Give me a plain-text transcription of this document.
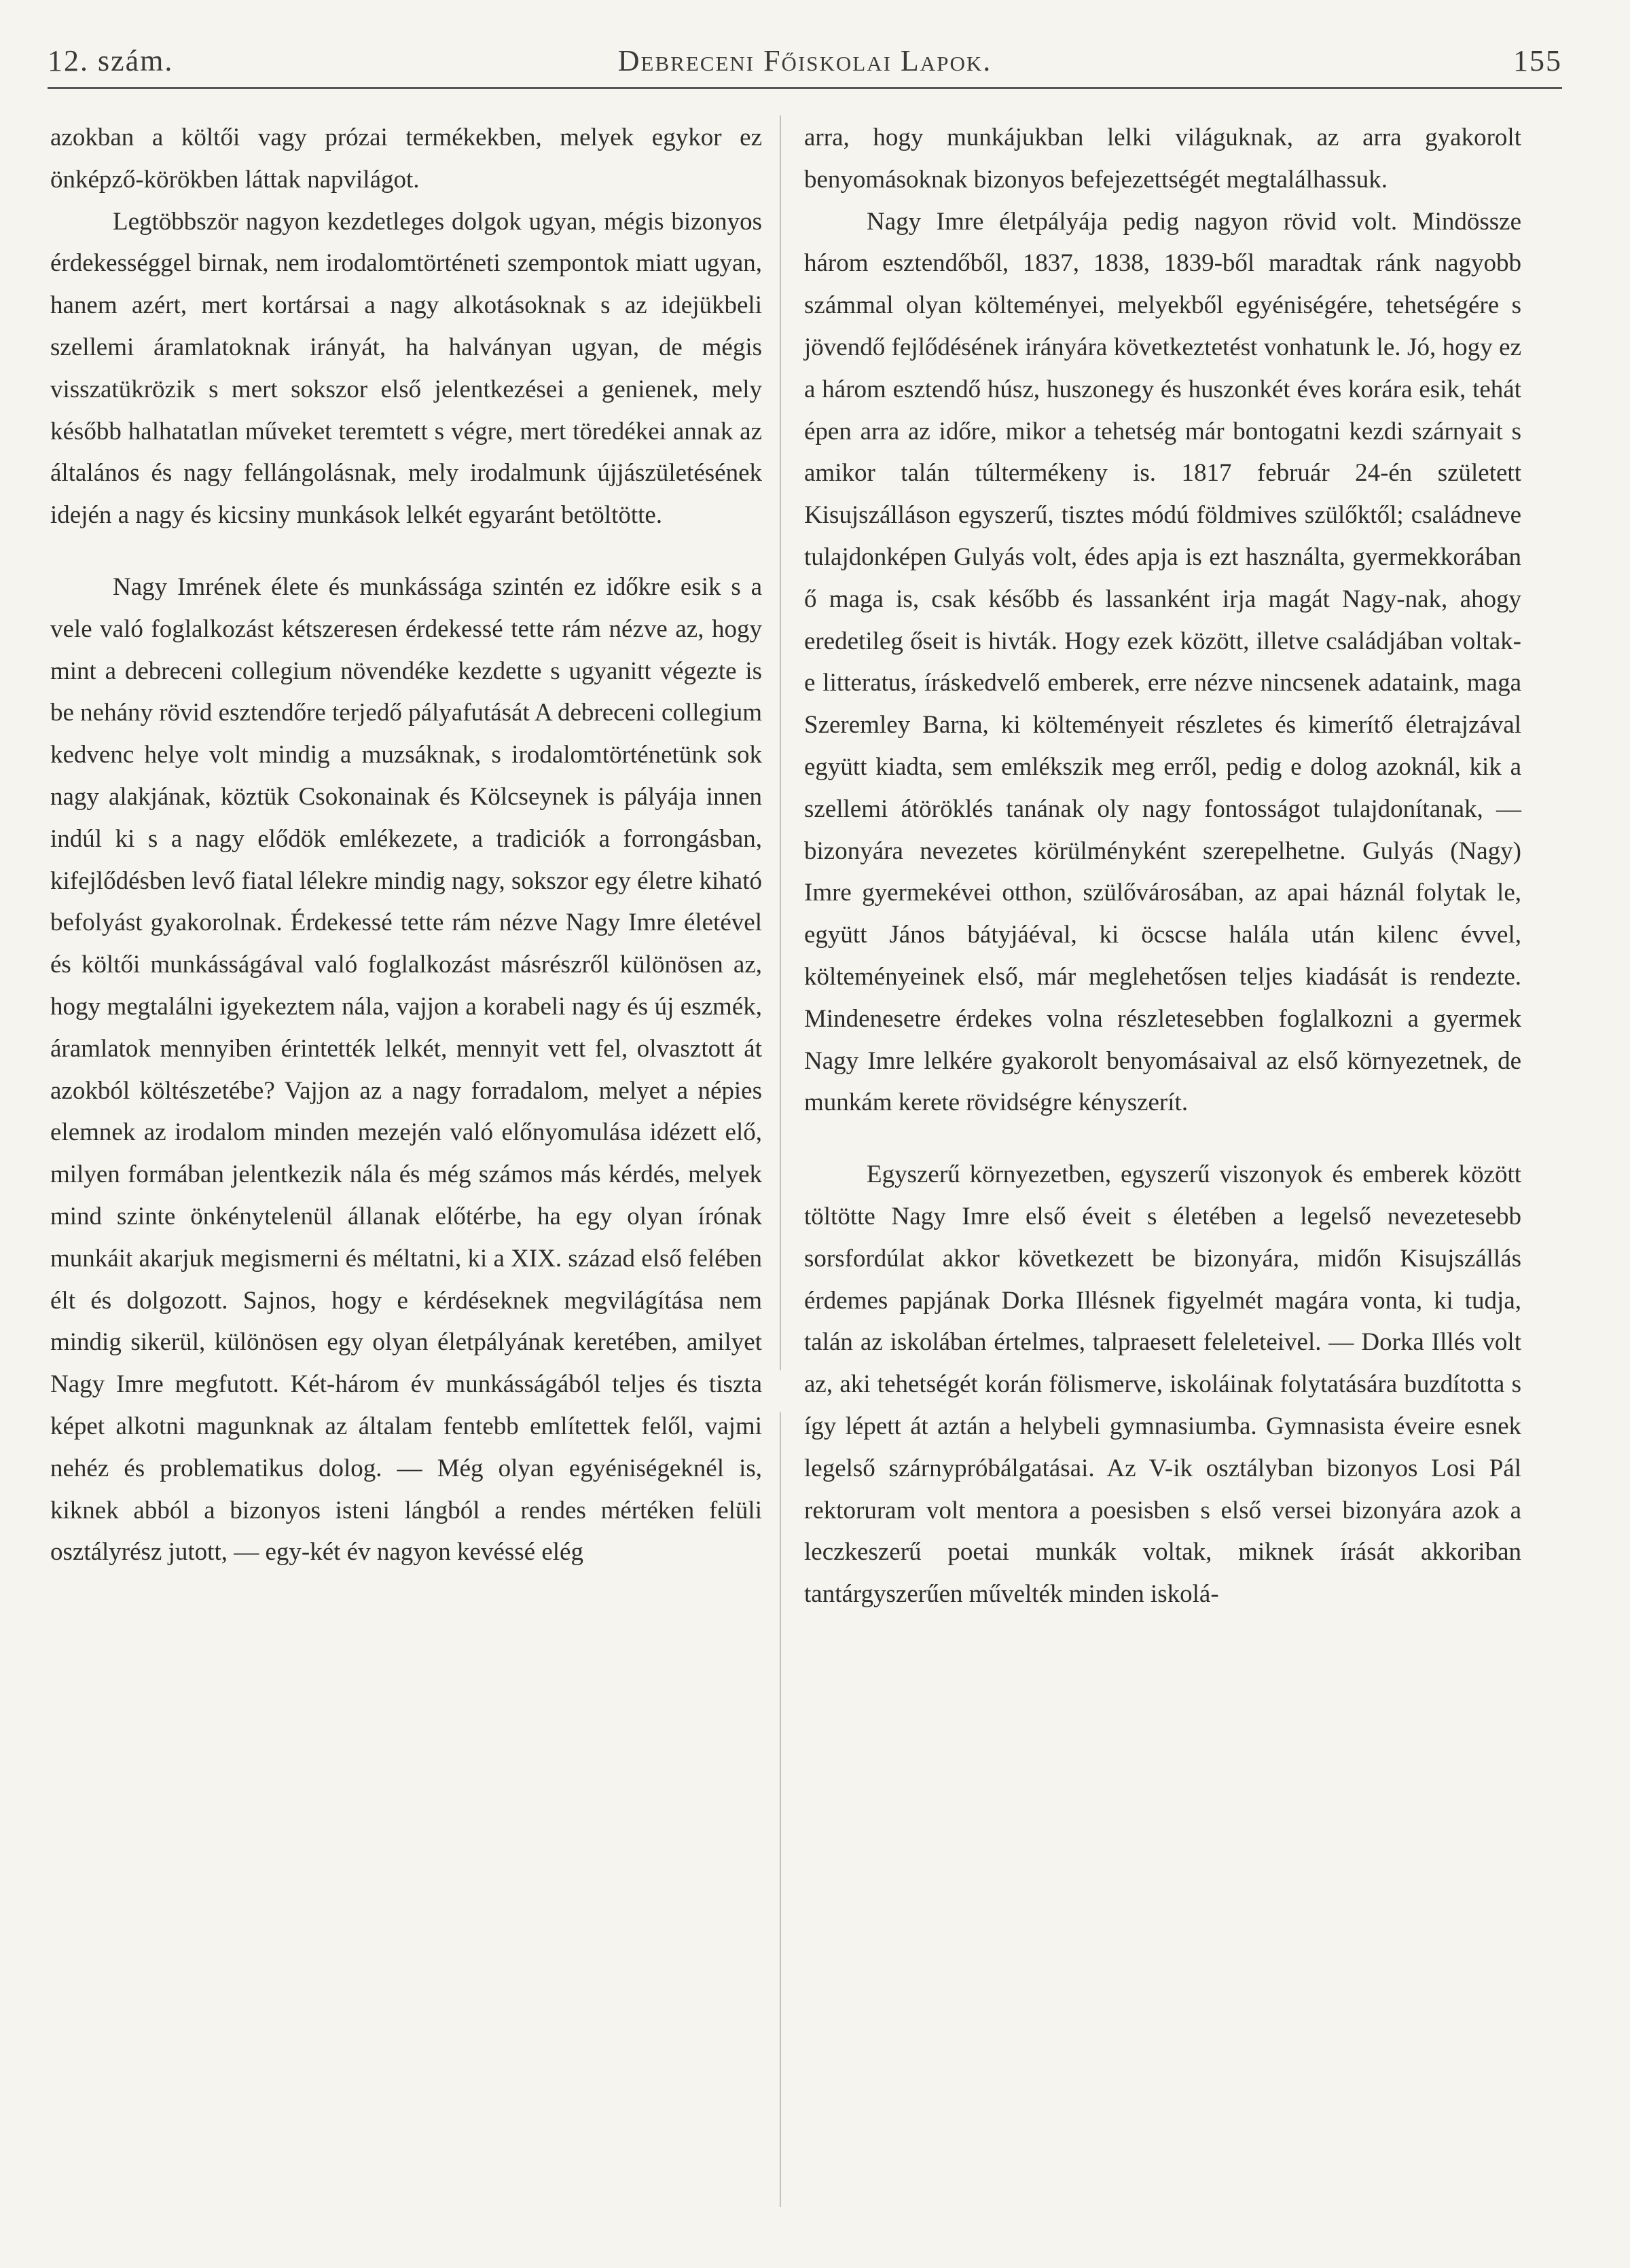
12. szám.	Debreceni Főiskolai Lapok.	155

azokban a költői vagy prózai termékekben, melyek egykor ez önképző-körökben láttak napvilágot.

Legtöbbször nagyon kezdetleges dolgok ugyan, mégis bizonyos érdekességgel birnak, nem irodalomtörténeti szempontok miatt ugyan, hanem azért, mert kortársai a nagy alkotásoknak s az idejükbeli szellemi áramlatoknak irányát, ha halványan ugyan, de mégis visszatükrözik s mert sokszor első jelentkezései a genienek, mely később halhatatlan műveket teremtett s végre, mert töredékei annak az általános és nagy fellángolásnak, mely irodalmunk újjászületésének idején a nagy és kicsiny munkások lelkét egyaránt betöltötte.

Nagy Imrének élete és munkássága szintén ez időkre esik s a vele való foglalkozást kétszeresen érdekessé tette rám nézve az, hogy mint a debreceni collegium növendéke kezdette s ugyanitt végezte is be nehány rövid esztendőre terjedő pályafutását A debreceni collegium kedvenc helye volt mindig a muzsáknak, s irodalomtörténetünk sok nagy alakjának, köztük Csokonainak és Kölcseynek is pályája innen indúl ki s a nagy elődök emlékezete, a tradiciók a forrongásban, kifejlődésben levő fiatal lélekre mindig nagy, sokszor egy életre kiható befolyást gyakorolnak. Érdekessé tette rám nézve Nagy Imre életével és költői munkásságával való foglalkozást másrészről különösen az, hogy megtalálni igyekeztem nála, vajjon a korabeli nagy és új eszmék, áramlatok mennyiben érintették lelkét, mennyit vett fel, olvasztott át azokból költészetébe? Vajjon az a nagy forradalom, melyet a népies elemnek az irodalom minden mezején való előnyomulása idézett elő, milyen formában jelentkezik nála és még számos más kérdés, melyek mind szinte önkénytelenül állanak előtérbe, ha egy olyan írónak munkáit akarjuk megismerni és méltatni, ki a XIX. század első felében élt és dolgozott. Sajnos, hogy e kérdéseknek megvilágítása nem mindig sikerül, különösen egy olyan életpályának keretében, amilyet Nagy Imre megfutott. Két-három év munkásságából teljes és tiszta képet alkotni magunknak az általam fentebb említettek felől, vajmi nehéz és problematikus dolog. — Még olyan egyéniségeknél is, kiknek abból a bizonyos isteni lángból a rendes mértéken felüli osztályrész jutott, — egy-két év nagyon kevéssé elég

arra, hogy munkájukban lelki világuknak, az arra gyakorolt benyomásoknak bizonyos befejezettségét megtalálhassuk.

Nagy Imre életpályája pedig nagyon rövid volt. Mindössze három esztendőből, 1837, 1838, 1839-ből maradtak ránk nagyobb számmal olyan költeményei, melyekből egyéniségére, tehetségére s jövendő fejlődésének irányára következtetést vonhatunk le. Jó, hogy ez a három esztendő húsz, huszonegy és huszonkét éves korára esik, tehát épen arra az időre, mikor a tehetség már bontogatni kezdi szárnyait s amikor talán túltermékeny is. 1817 február 24-én született Kisujszálláson egyszerű, tisztes módú földmives szülőktől; családneve tulajdonképen Gulyás volt, édes apja is ezt használta, gyermekkorában ő maga is, csak később és lassanként irja magát Nagy-nak, ahogy eredetileg őseit is hivták. Hogy ezek között, illetve családjában voltak-e litteratus, íráskedvelő emberek, erre nézve nincsenek adataink, maga Szeremley Barna, ki költeményeit részletes és kimerítő életrajzával együtt kiadta, sem emlékszik meg erről, pedig e dolog azoknál, kik a szellemi átöröklés tanának oly nagy fontosságot tulajdonítanak, — bizonyára nevezetes körülményként szerepelhetne. Gulyás (Nagy) Imre gyermekévei otthon, szülővárosában, az apai háznál folytak le, együtt János bátyjáéval, ki öcscse halála után kilenc évvel, költeményeinek első, már meglehetősen teljes kiadását is rendezte. Mindenesetre érdekes volna részletesebben foglalkozni a gyermek Nagy Imre lelkére gyakorolt benyomásaival az első környezetnek, de munkám kerete rövidségre kényszerít.

Egyszerű környezetben, egyszerű viszonyok és emberek között töltötte Nagy Imre első éveit s életében a legelső nevezetesebb sorsfordúlat akkor következett be bizonyára, midőn Kisujszállás érdemes papjának Dorka Illésnek figyelmét magára vonta, ki tudja, talán az iskolában értelmes, talpraesett feleleteivel. — Dorka Illés volt az, aki tehetségét korán fölismerve, iskoláinak folytatására buzdította s így lépett át aztán a helybeli gymnasiumba. Gymnasista éveire esnek legelső szárnypróbálgatásai. Az V-ik osztályban bizonyos Losi Pál rektoruram volt mentora a poesisben s első versei bizonyára azok a leczkeszerű poetai munkák voltak, miknek írását akkoriban tantárgyszerűen művelték minden iskolá-
